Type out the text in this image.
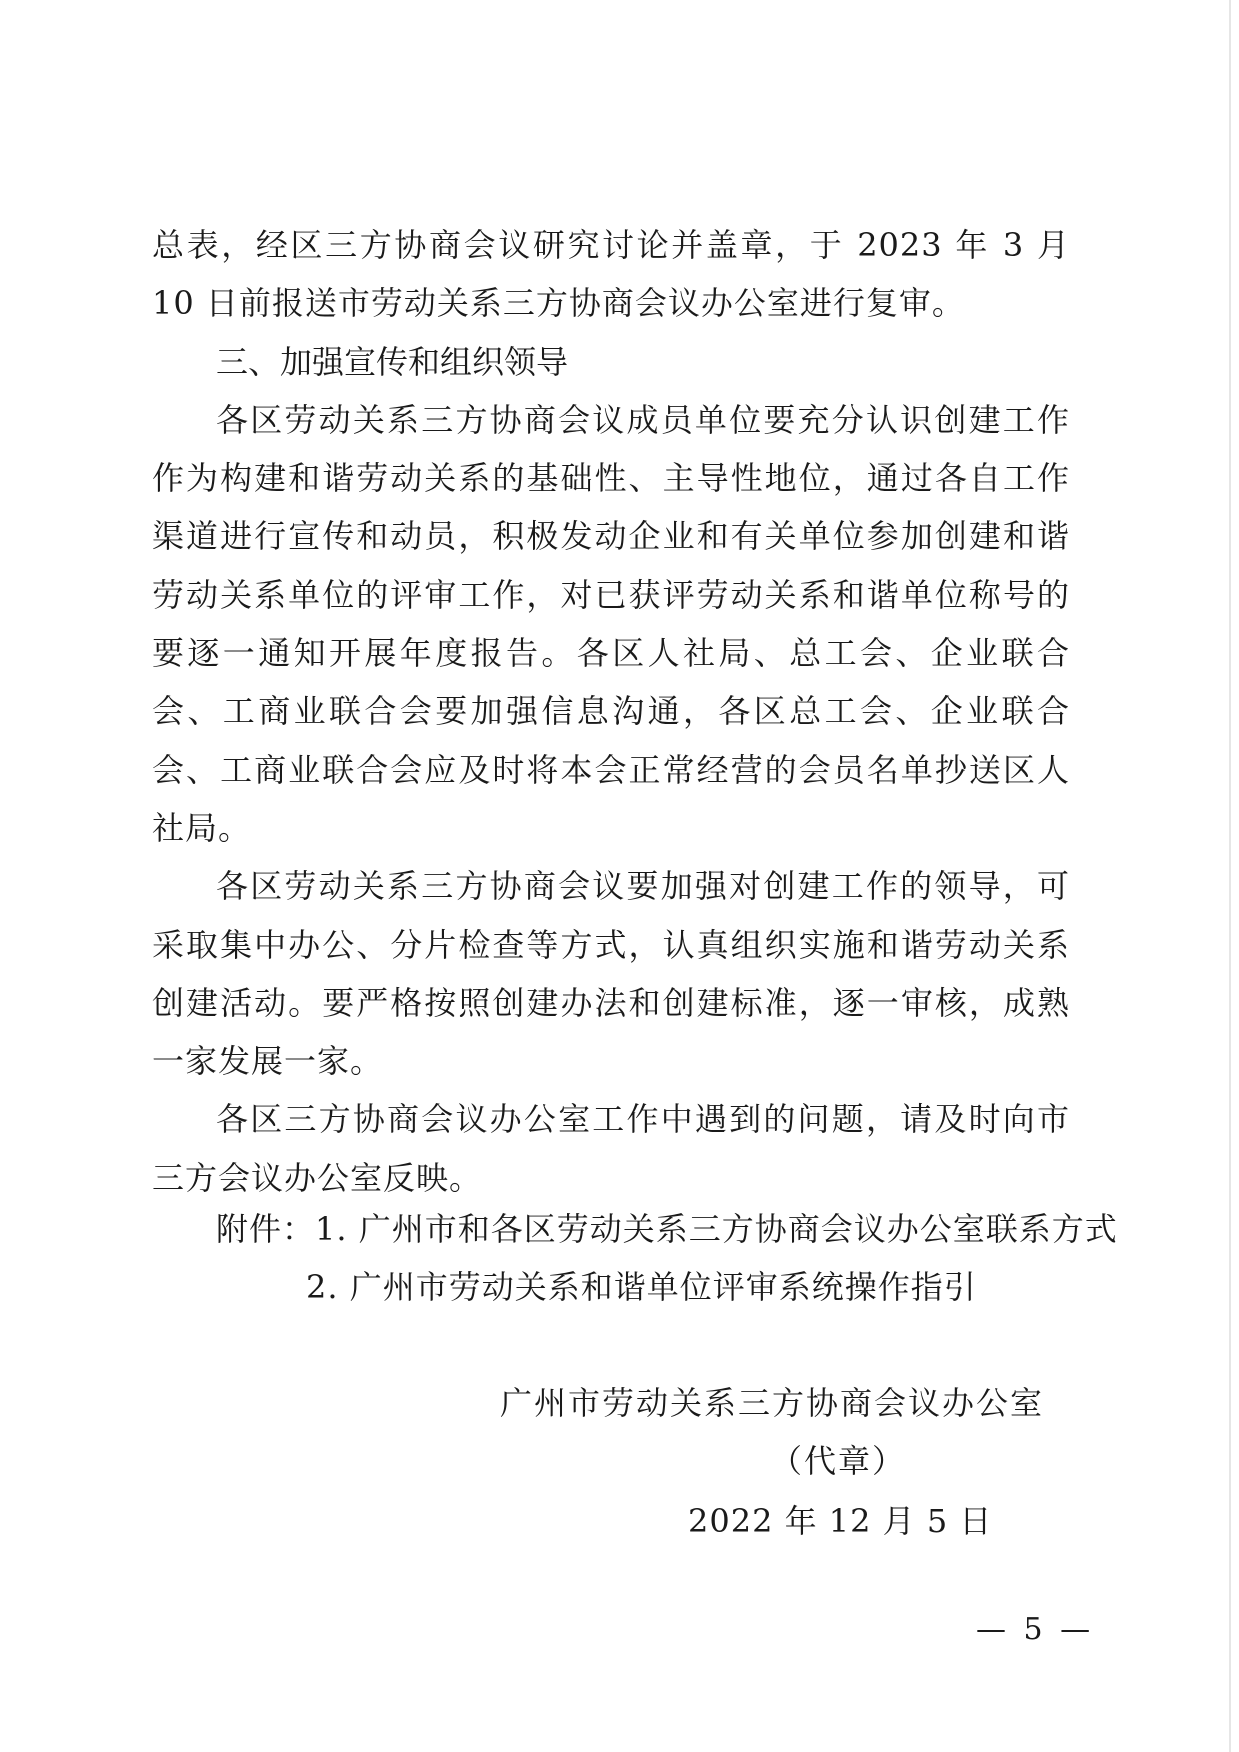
总表，经区三方协商会议研究讨论并盖章，于 2023 年 3 月 10 日前报送市劳动关系三方协商会议办公室进行复审。

三、加强宣传和组织领导

各区劳动关系三方协商会议成员单位要充分认识创建工作作为构建和谐劳动关系的基础性、主导性地位，通过各自工作渠道进行宣传和动员，积极发动企业和有关单位参加创建和谐劳动关系单位的评审工作，对已获评劳动关系和谐单位称号的要逐一通知开展年度报告。各区人社局、总工会、企业联合会、工商业联合会要加强信息沟通，各区总工会、企业联合会、工商业联合会应及时将本会正常经营的会员名单抄送区人社局。

各区劳动关系三方协商会议要加强对创建工作的领导，可采取集中办公、分片检查等方式，认真组织实施和谐劳动关系创建活动。要严格按照创建办法和创建标准，逐一审核，成熟一家发展一家。

各区三方协商会议办公室工作中遇到的问题，请及时向市三方会议办公室反映。

附件：1. 广州市和各区劳动关系三方协商会议办公室联系方式
2. 广州市劳动关系和谐单位评审系统操作指引
广州市劳动关系三方协商会议办公室
（代章）
2022 年 12 月 5 日
— 5 —
